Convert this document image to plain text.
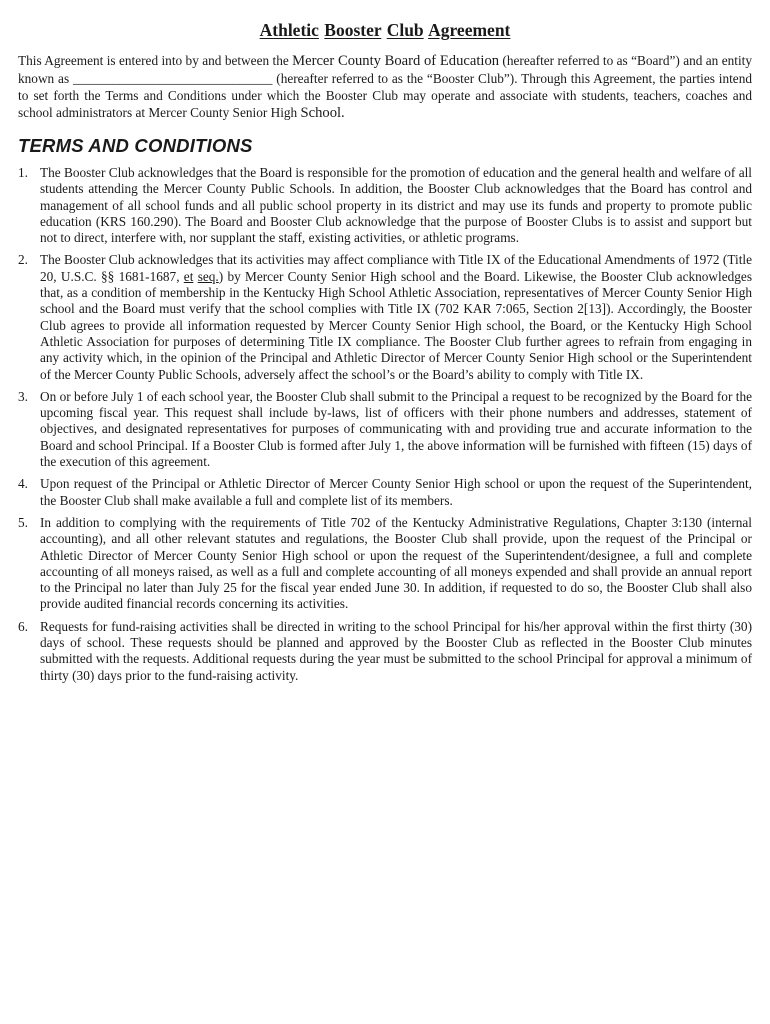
Athletic Booster Club Agreement

This Agreement is entered into by and between the Mercer County Board of Education (hereafter referred to as “Board”) and an entity known as ______________________________ (hereafter referred to as the “Booster Club”). Through this Agreement, the parties intend to set forth the Terms and Conditions under which the Booster Club may operate and associate with students, teachers, coaches and school administrators at Mercer County Senior High School.

TERMS AND CONDITIONS
1. The Booster Club acknowledges that the Board is responsible for the promotion of education and the general health and welfare of all students attending the Mercer County Public Schools. In addition, the Booster Club acknowledges that the Board has control and management of all school funds and all public school property in its district and may use its funds and property to promote public education (KRS 160.290). The Board and Booster Club acknowledge that the purpose of Booster Clubs is to assist and support but not to direct, interfere with, nor supplant the staff, existing activities, or athletic programs.
2. The Booster Club acknowledges that its activities may affect compliance with Title IX of the Educational Amendments of 1972 (Title 20, U.S.C. §§ 1681-1687, et seq.) by Mercer County Senior High school and the Board. Likewise, the Booster Club acknowledges that, as a condition of membership in the Kentucky High School Athletic Association, representatives of Mercer County Senior High school and the Board must verify that the school complies with Title IX (702 KAR 7:065, Section 2[13]). Accordingly, the Booster Club agrees to provide all information requested by Mercer County Senior High school, the Board, or the Kentucky High School Athletic Association for purposes of determining Title IX compliance. The Booster Club further agrees to refrain from engaging in any activity which, in the opinion of the Principal and Athletic Director of Mercer County Senior High school or the Superintendent of the Mercer County Public Schools, adversely affect the school’s or the Board’s ability to comply with Title IX.
3. On or before July 1 of each school year, the Booster Club shall submit to the Principal a request to be recognized by the Board for the upcoming fiscal year. This request shall include by-laws, list of officers with their phone numbers and addresses, statement of objectives, and designated representatives for purposes of communicating with and providing true and accurate information to the Board and school Principal. If a Booster Club is formed after July 1, the above information will be furnished with fifteen (15) days of the execution of this agreement.
4. Upon request of the Principal or Athletic Director of Mercer County Senior High school or upon the request of the Superintendent, the Booster Club shall make available a full and complete list of its members.
5. In addition to complying with the requirements of Title 702 of the Kentucky Administrative Regulations, Chapter 3:130 (internal accounting), and all other relevant statutes and regulations, the Booster Club shall provide, upon the request of the Principal or Athletic Director of Mercer County Senior High school or upon the request of the Superintendent/designee, a full and complete accounting of all moneys raised, as well as a full and complete accounting of all moneys expended and shall provide an annual report to the Principal no later than July 25 for the fiscal year ended June 30. In addition, if requested to do so, the Booster Club shall also provide audited financial records concerning its activities.
6. Requests for fund-raising activities shall be directed in writing to the school Principal for his/her approval within the first thirty (30) days of school. These requests should be planned and approved by the Booster Club as reflected in the Booster Club minutes submitted with the requests. Additional requests during the year must be submitted to the school Principal for approval a minimum of thirty (30) days prior to the fund-raising activity.
